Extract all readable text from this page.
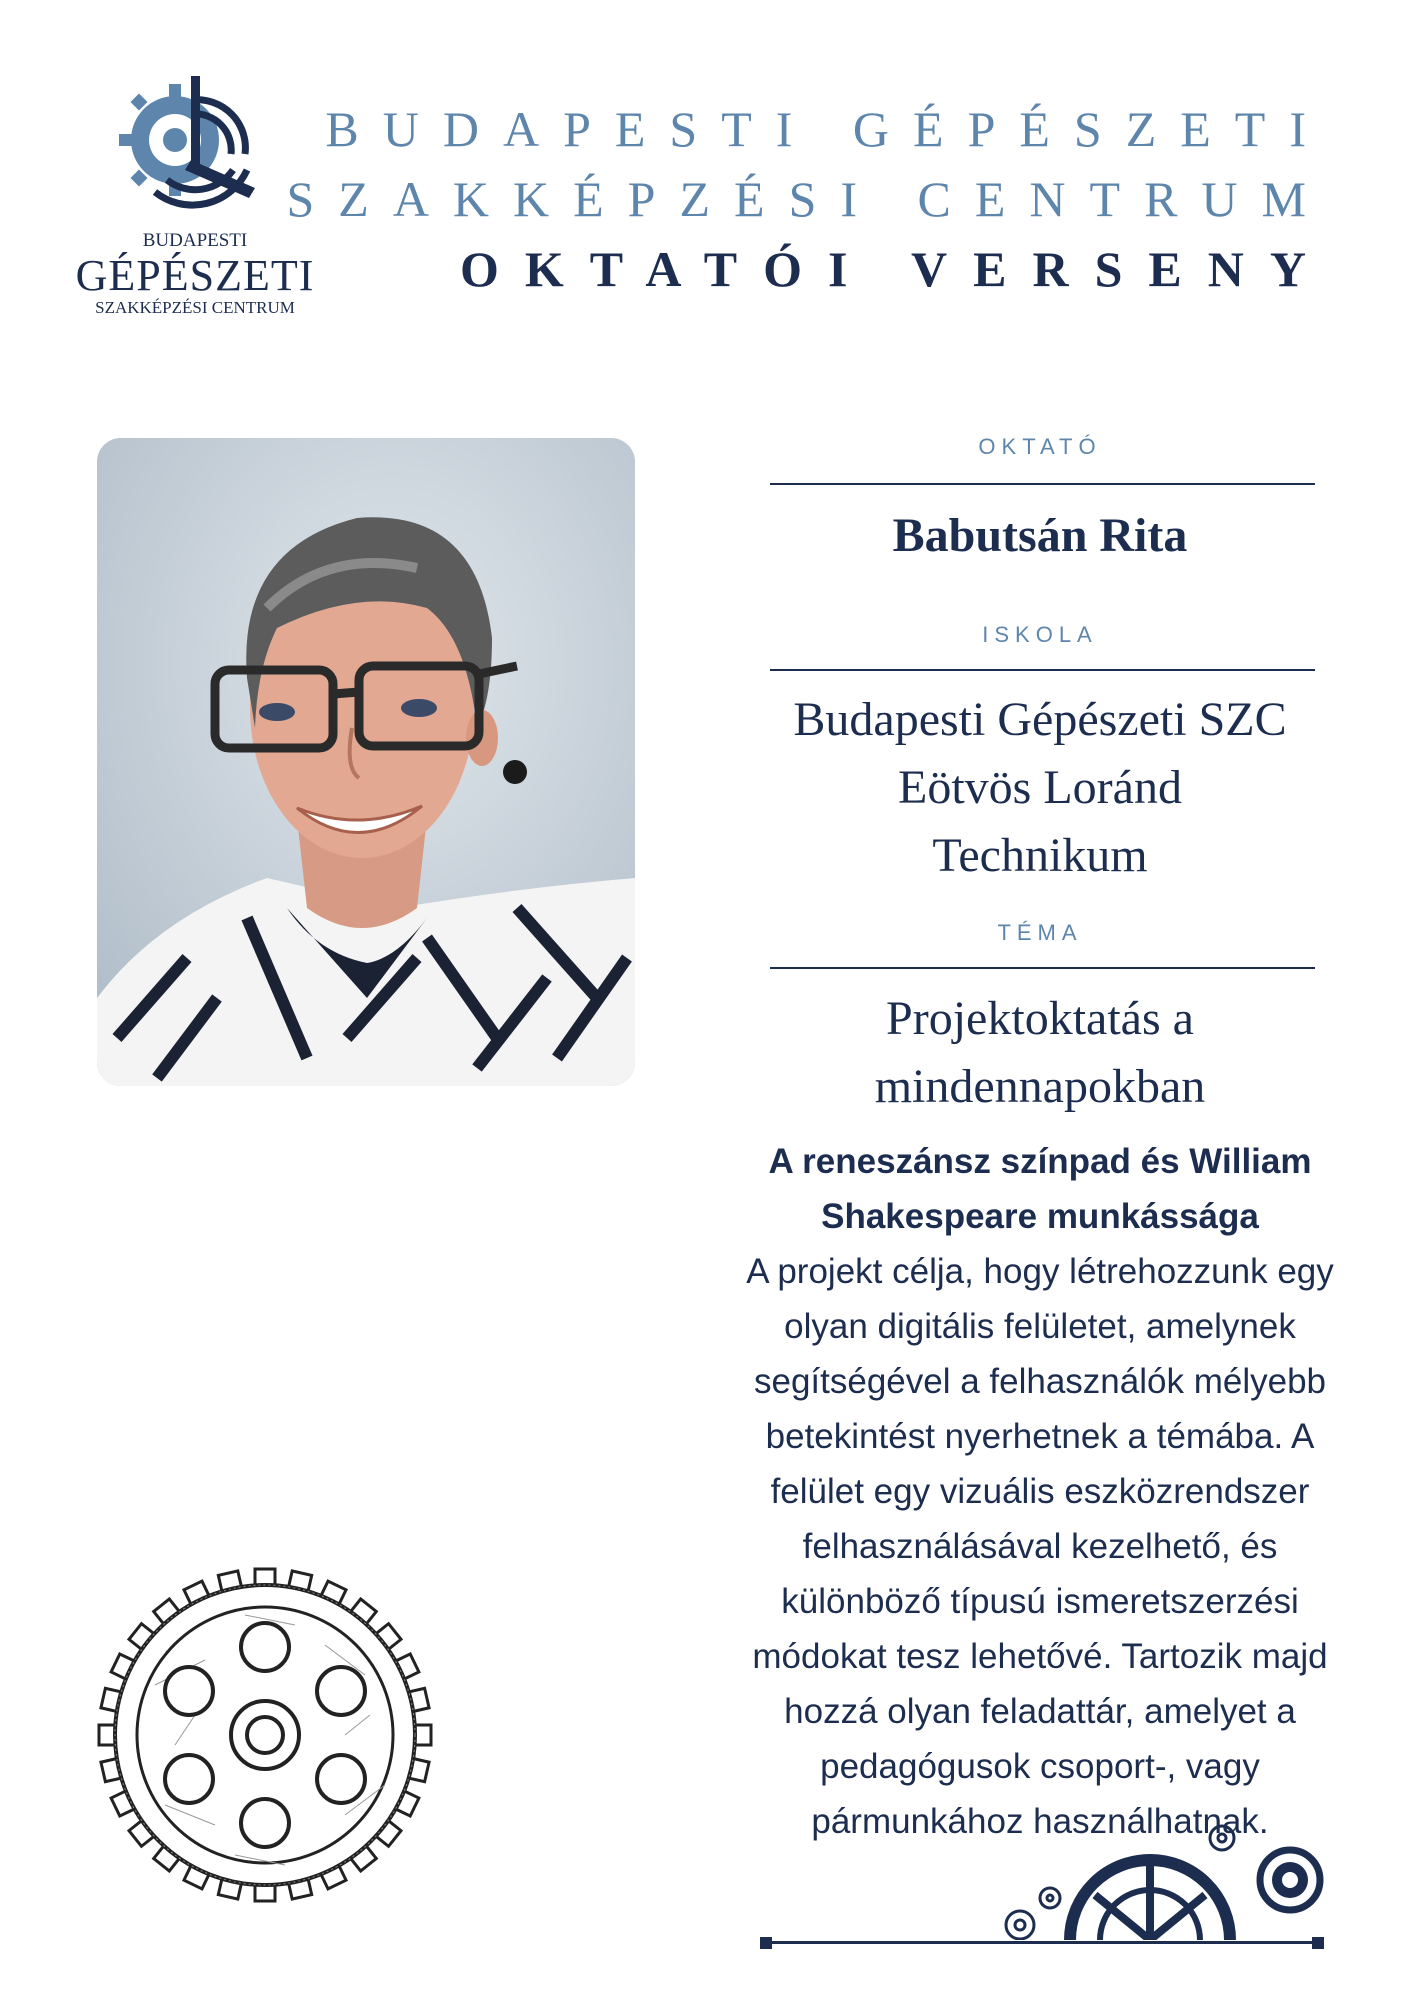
BUDAPESTI
GÉPÉSZETI
SZAKKÉPZÉSI CENTRUM
BUDAPESTI GÉPÉSZETI
SZAKKÉPZÉSI CENTRUM
OKTATÓI VERSENY
OKTATÓ
Babutsán Rita
ISKOLA
Budapesti Gépészeti SZC
Eötvös Loránd
Technikum
TÉMA
Projektoktatás a
mindennapokban
A reneszánsz színpad és William
Shakespeare munkássága
A projekt célja, hogy létrehozzunk egy
olyan digitális felületet, amelynek
segítségével a felhasználók mélyebb
betekintést nyerhetnek a témába. A
felület egy vizuális eszközrendszer
felhasználásával kezelhető, és
különböző típusú ismeretszerzési
módokat tesz lehetővé. Tartozik majd
hozzá olyan feladattár, amelyet a
pedagógusok csoport-, vagy
pármunkához használhatnak.
